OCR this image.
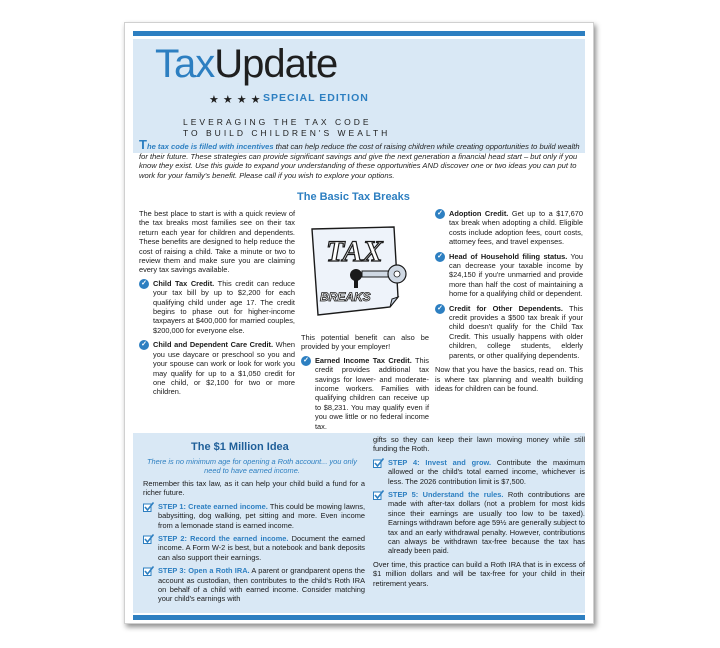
TaxUpdate
★★★★
SPECIAL EDITION
LEVERAGING THE TAX CODE
TO BUILD CHILDREN'S WEALTH
The tax code is filled with incentives that can help reduce the cost of raising children while creating opportunities to build wealth for their future. These strategies can provide significant savings and give the next generation a financial head start – but only if you know they exist. Use this guide to expand your understanding of these opportunities AND discover one or two ideas you can put to work for your family's benefit. Please call if you wish to explore your options.
The Basic Tax Breaks

The best place to start is with a quick review of the tax breaks most families see on their tax return each year for children and dependents. These benefits are designed to help reduce the cost of raising a child. Take a minute or two to review them and make sure you are claiming every tax savings available.

✓ Child Tax Credit. This credit can reduce your tax bill by up to $2,200 for each qualifying child under age 17. The credit begins to phase out for higher-income taxpayers at $400,000 for married couples, $200,000 for everyone else.
✓ Child and Dependent Care Credit. When you use daycare or preschool so you and your spouse can work or look for work you may qualify for up to a $1,050 credit for one child, or $2,100 for two or more children.
TAX
BREAKS

This potential benefit can also be provided by your employer!

✓ Earned Income Tax Credit. This credit provides additional tax savings for lower- and moderate-income workers. Families with qualifying children can receive up to $8,231. You may qualify even if you owe little or no federal income tax.
✓ Adoption Credit. Get up to a $17,670 tax break when adopting a child. Eligible costs include adoption fees, court costs, attorney fees, and travel expenses.
✓ Head of Household filing status. You can decrease your taxable income by $24,150 if you're unmarried and provide more than half the cost of maintaining a home for a qualifying child or dependent.
✓ Credit for Other Dependents. This credit provides a $500 tax break if your child doesn't qualify for the Child Tax Credit. This usually happens with older children, college students, elderly parents, or other qualifying dependents.

Now that you have the basics, read on. This is where tax planning and wealth building ideas for children can be found.

The $1 Million Idea
There is no minimum age for opening a Roth account... you only need to have earned income.

Remember this tax law, as it can help your child build a fund for a richer future.

STEP 1: Create earned income. This could be mowing lawns, babysitting, dog walking, pet sitting and more. Even income from a lemonade stand is earned income.
STEP 2: Record the earned income. Document the earned income. A Form W-2 is best, but a notebook and bank deposits can also support their earnings.
STEP 3: Open a Roth IRA. A parent or grandparent opens the account as custodian, then contributes to the child's Roth IRA on behalf of a child with earned income. Consider matching your child's earnings with

gifts so they can keep their lawn mowing money while still funding the Roth.

STEP 4: Invest and grow. Contribute the maximum allowed or the child's total earned income, whichever is less. The 2026 contribution limit is $7,500.
STEP 5: Understand the rules. Roth contributions are made with after-tax dollars (not a problem for most kids since their earnings are usually too low to be taxed). Earnings withdrawn before age 59½ are generally subject to tax and an early withdrawal penalty. However, contributions can always be withdrawn tax-free because the tax has already been paid.

Over time, this practice can build a Roth IRA that is in excess of $1 million dollars and will be tax-free for your child in their retirement years.
